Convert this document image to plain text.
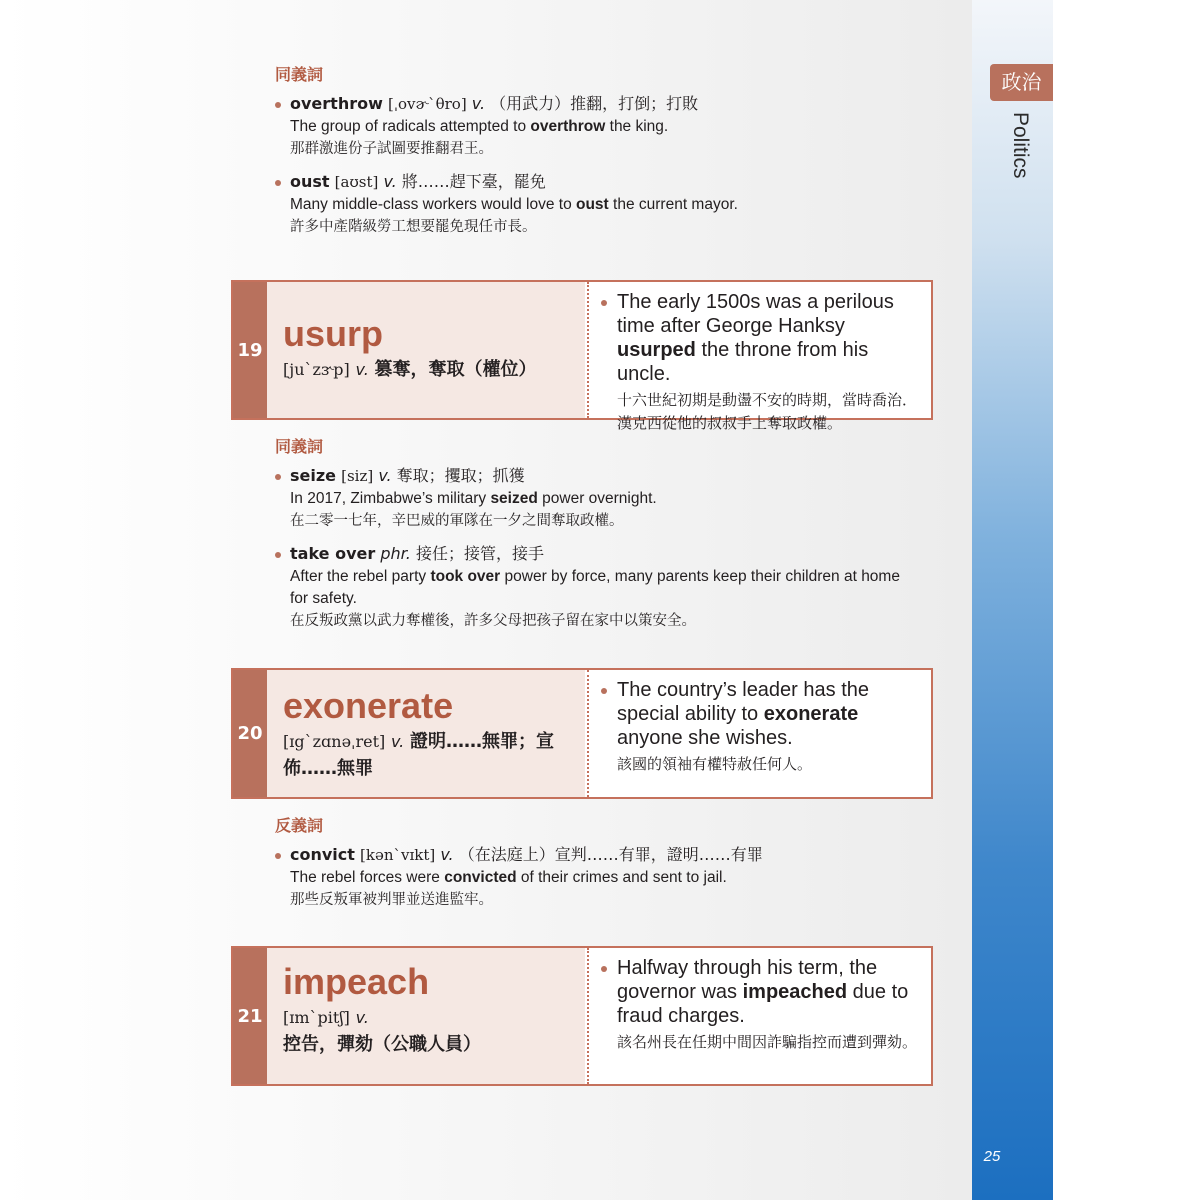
政治
Politics
25
同義詞
overthrow [ˌovɚ`θro] v. （用武力）推翻，打倒；打敗
The group of radicals attempted to overthrow the king.
那群激進份子試圖要推翻君王。
oust [aʊst] v. 將……趕下臺，罷免
Many middle-class workers would love to oust the current mayor.
許多中產階級勞工想要罷免現任市長。
19 usurp
[ju`zɝp] v. 篡奪，奪取（權位）
The early 1500s was a perilous time after George Hanksy usurped the throne from his uncle.
十六世紀初期是動盪不安的時期，當時喬治．漢克西從他的叔叔手上奪取政權。
同義詞
seize [siz] v. 奪取；攫取；抓獲
In 2017, Zimbabwe’s military seized power overnight.
在二零一七年，辛巴威的軍隊在一夕之間奪取政權。
take over phr. 接任；接管，接手
After the rebel party took over power by force, many parents keep their children at home for safety.
在反叛政黨以武力奪權後，許多父母把孩子留在家中以策安全。
20
exonerate
[ɪg`zɑnəˌret] v. 證明……無罪；宣佈……無罪
The country’s leader has the special ability to exonerate anyone she wishes.
該國的領袖有權特赦任何人。
反義詞
convict [kən`vɪkt] v. （在法庭上）宣判……有罪，證明……有罪
The rebel forces were convicted of their crimes and sent to jail.
那些反叛軍被判罪並送進監牢。
21
impeach
[ɪm`pitʃ] v. 控告，彈劾（公職人員）
Halfway through his term, the governor was impeached due to fraud charges.
該名州長在任期中間因詐騙指控而遭到彈劾。
